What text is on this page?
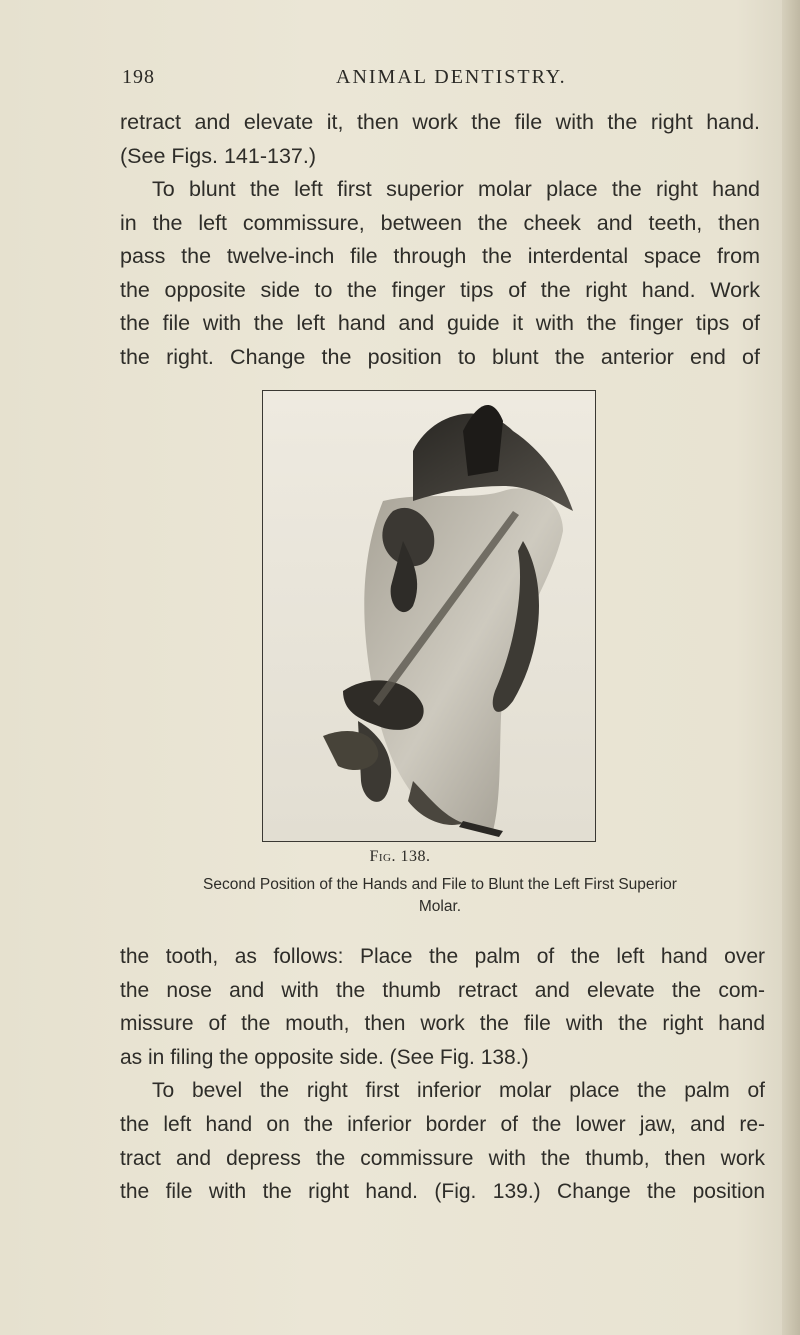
198	ANIMAL DENTISTRY.
retract and elevate it, then work the file with the right hand.
(See Figs. 141-137.)
To blunt the left first superior molar place the right hand
in the left commissure, between the cheek and teeth, then
pass the twelve-inch file through the interdental space from
the opposite side to the finger tips of the right hand. Work
the file with the left hand and guide it with the finger tips of
the right. Change the position to blunt the anterior end of
Fig. 138.
Second Position of the Hands and File to Blunt the Left First Superior
Molar.
the tooth, as follows: Place the palm of the left hand over
the nose and with the thumb retract and elevate the com-
missure of the mouth, then work the file with the right hand
as in filing the opposite side. (See Fig. 138.)
To bevel the right first inferior molar place the palm of
the left hand on the inferior border of the lower jaw, and re-
tract and depress the commissure with the thumb, then work
the file with the right hand. (Fig. 139.) Change the position
